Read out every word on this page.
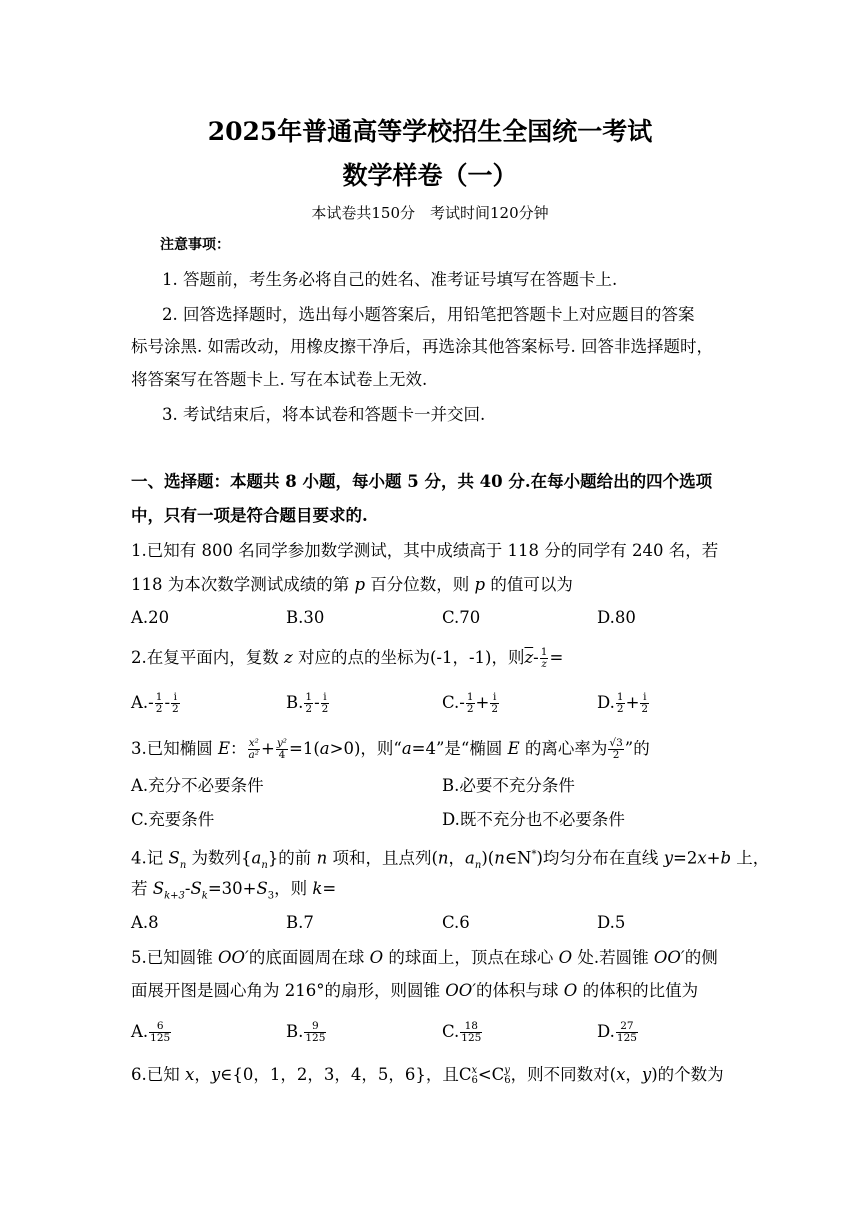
2025年普通高等学校招生全国统一考试
数学样卷（一）
本试卷共150分　考试时间120分钟
注意事项：
1. 答题前，考生务必将自己的姓名、准考证号填写在答题卡上.
2. 回答选择题时，选出每小题答案后，用铅笔把答题卡上对应题目的答案
标号涂黑. 如需改动，用橡皮擦干净后，再选涂其他答案标号. 回答非选择题时，
将答案写在答题卡上. 写在本试卷上无效.
3. 考试结束后，将本试卷和答题卡一并交回.
一、选择题：本题共 8 小题，每小题 5 分，共 40 分.在每小题给出的四个选项
中，只有一项是符合题目要求的.
1.已知有 800 名同学参加数学测试，其中成绩高于 118 分的同学有 240 名，若
118 为本次数学测试成绩的第 p 百分位数，则 p 的值可以为
A.20	B.30	C.70	D.80
2.在复平面内，复数 z 对应的点的坐标为(-1，-1)，则$\overline{z}- \frac{1}{z}$ =
$A.- \frac{1}{2} - \frac{i}{2}$	B. $\frac{1}{2} - \frac{i}{2}$	$C.- \frac{1}{2} + \frac{i}{2}$	D. $\frac{1}{2} + \frac{i}{2}$
3.已知椭圆 E： $\frac{\text{x²}}{\text{a²}} + \frac{\text{y²}}{4} =1(a>0)$，则“a=4”是“椭圆 E 的离心率为 $\frac{√3}{2}$ ”的
A.充分不必要条件	B.必要不充分条件
C.充要条件	D.既不充分也不必要条件
4.记 $S_n$ 为数列$\{a_n\}$的前 n 项和，且点列(n，$a_n)(n\in N^*)$均匀分布在直线 y=2x+b 上，
若 $S_{k+3}-S_k=30+S_3$，则 k=
A.8	B.7	C.6	D.5
5.已知圆锥 OO′的底面圆周在球 O 的球面上，顶点在球心 O 处.若圆锥 OO′的侧
面展开图是圆心角为 216°的扇形，则圆锥 OO′的体积与球 O 的体积的比值为
A. $\frac{6}{125}$	B. $\frac{9}{125}$	C. $\frac{18}{125}$	D. $\frac{27}{125}$
6.已知 x，y∈{0，1，2，3，4，5，6}，且C x
6 <C y
6 ，则不同数对(x，y)的个数为
